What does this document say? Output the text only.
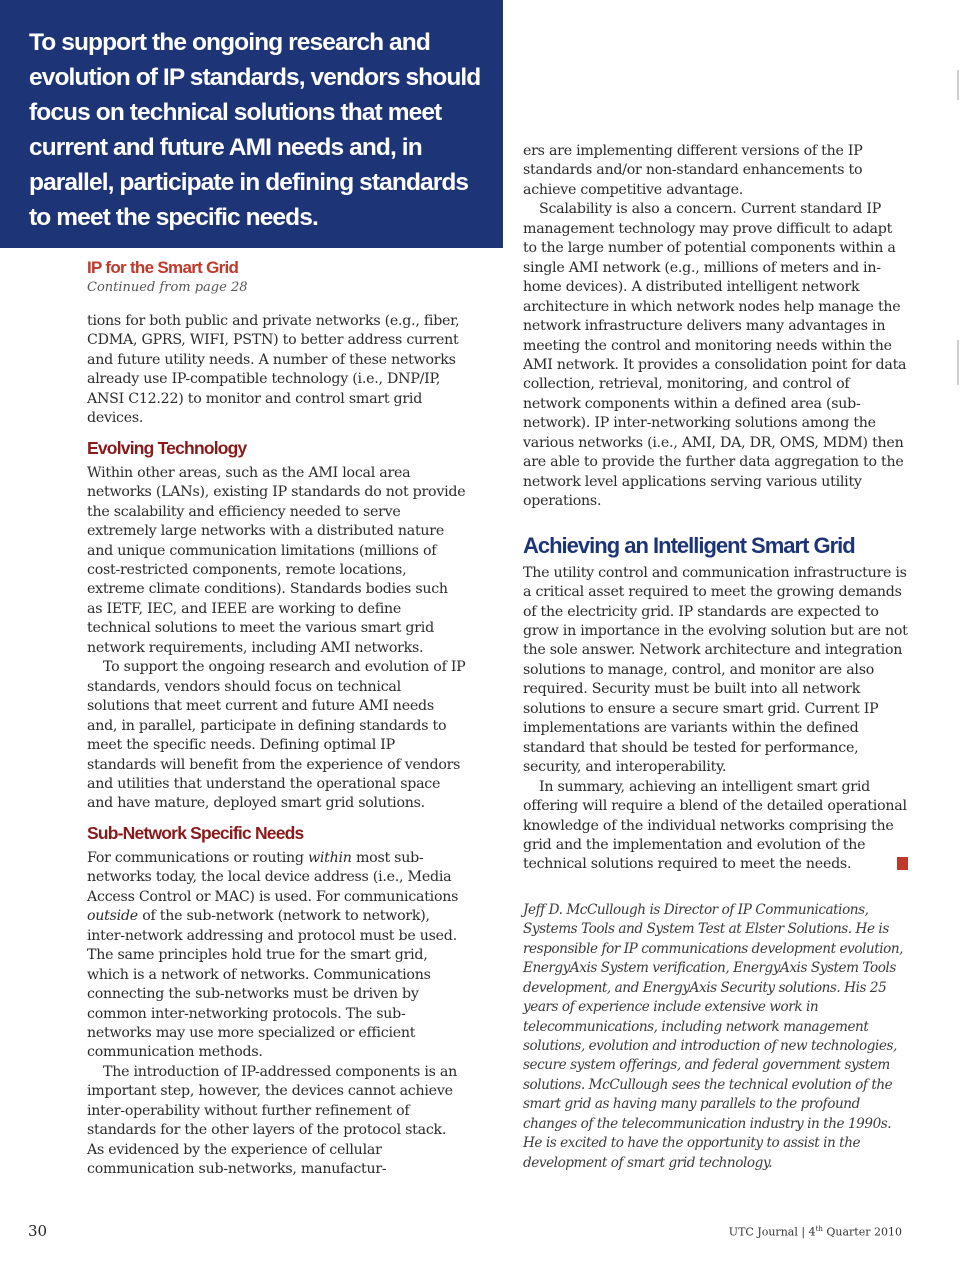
To support the ongoing research and evolution of IP standards, vendors should focus on technical solutions that meet current and future AMI needs and, in parallel, participate in defining standards to meet the specific needs.

IP for the Smart Grid

Continued from page 28

tions for both public and private networks (e.g., fiber, CDMA, GPRS, WIFI, PSTN) to better address current and future utility needs. A number of these networks already use IP-compatible technology (i.e., DNP/IP, ANSI C12.22) to monitor and control smart grid devices.

Evolving Technology

Within other areas, such as the AMI local area networks (LANs), existing IP standards do not provide the scalability and efficiency needed to serve extremely large networks with a distributed nature and unique communication limitations (millions of cost-restricted components, remote locations, extreme climate conditions). Standards bodies such as IETF, IEC, and IEEE are working to define technical solutions to meet the various smart grid network requirements, including AMI networks.

To support the ongoing research and evolution of IP standards, vendors should focus on technical solutions that meet current and future AMI needs and, in parallel, participate in defining standards to meet the specific needs. Defining optimal IP standards will benefit from the experience of vendors and utilities that understand the operational space and have mature, deployed smart grid solutions.

Sub-Network Specific Needs

For communications or routing within most sub-networks today, the local device address (i.e., Media Access Control or MAC) is used. For communications outside of the sub-network (network to network), inter-network addressing and protocol must be used. The same principles hold true for the smart grid, which is a network of networks. Communications connecting the sub-networks must be driven by common inter-networking protocols. The sub-networks may use more specialized or efficient communication methods.

The introduction of IP-addressed components is an important step, however, the devices cannot achieve inter-operability without further refinement of standards for the other layers of the protocol stack. As evidenced by the experience of cellular communication sub-networks, manufactur-

ers are implementing different versions of the IP standards and/or non-standard enhancements to achieve competitive advantage.

Scalability is also a concern. Current standard IP management technology may prove difficult to adapt to the large number of potential components within a single AMI network (e.g., millions of meters and in-home devices). A distributed intelligent network architecture in which network nodes help manage the network infrastructure delivers many advantages in meeting the control and monitoring needs within the AMI network. It provides a consolidation point for data collection, retrieval, monitoring, and control of network components within a defined area (sub-network). IP inter-networking solutions among the various networks (i.e., AMI, DA, DR, OMS, MDM) then are able to provide the further data aggregation to the network level applications serving various utility operations.

Achieving an Intelligent Smart Grid

The utility control and communication infrastructure is a critical asset required to meet the growing demands of the electricity grid. IP standards are expected to grow in importance in the evolving solution but are not the sole answer. Network architecture and integration solutions to manage, control, and monitor are also required. Security must be built into all network solutions to ensure a secure smart grid. Current IP implementations are variants within the defined standard that should be tested for performance, security, and interoperability.

In summary, achieving an intelligent smart grid offering will require a blend of the detailed operational knowledge of the individual networks comprising the grid and the implementation and evolution of the technical solutions required to meet the needs.	+

Jeff D. McCullough is Director of IP Communications, Systems Tools and System Test at Elster Solutions. He is responsible for IP communications development evolution, EnergyAxis System verification, EnergyAxis System Tools development, and EnergyAxis Security solutions. His 25 years of experience include extensive work in telecommunications, including network management solutions, evolution and introduction of new technologies, secure system offerings, and federal government system solutions. McCullough sees the technical evolution of the smart grid as having many parallels to the profound changes of the telecommunication industry in the 1990s. He is excited to have the opportunity to assist in the development of smart grid technology.

30	UTC Journal | 4th Quarter 2010
